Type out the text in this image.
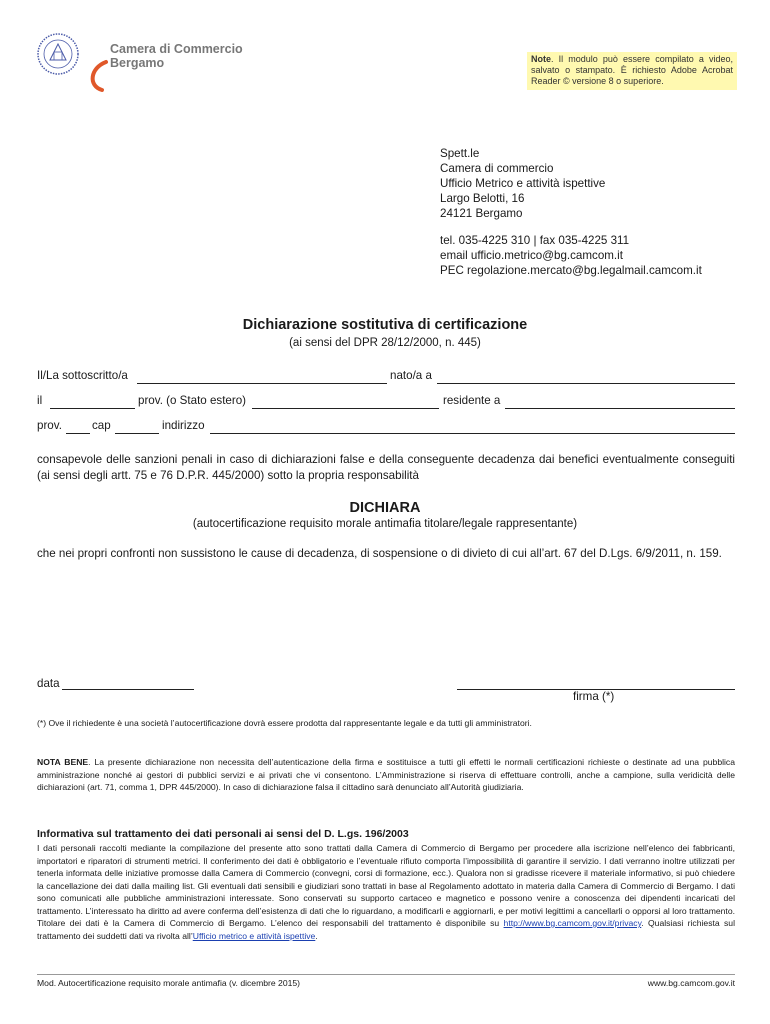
Camera di Commercio
Bergamo	Note. Il modulo può essere compilato a video, salvato o stampato. È richiesto Adobe Acrobat Reader © versione 8 o superiore.
Spett.le
Camera di commercio
Ufficio Metrico e attività ispettive
Largo Belotti, 16
24121 Bergamo
tel. 035-4225 310 | fax 035-4225 311
email ufficio.metrico@bg.camcom.it
PEC regolazione.mercato@bg.legalmail.camcom.it
Dichiarazione sostitutiva di certificazione
(ai sensi del DPR 28/12/2000, n. 445)
Il/La sottoscritto/a	nato/a a
il	prov. (o Stato estero)	residente a
prov.	cap	indirizzo
consapevole delle sanzioni penali in caso di dichiarazioni false e della conseguente decadenza dai benefici eventualmente conseguiti (ai sensi degli artt. 75 e 76 D.P.R. 445/2000) sotto la propria responsabilità
DICHIARA
(autocertificazione requisito morale antimafia titolare/legale rappresentante)
che nei propri confronti non sussistono le cause di decadenza, di sospensione o di divieto di cui all’art. 67 del D.Lgs. 6/9/2011, n. 159.
data
firma (*)
(*) Ove il richiedente è una società l’autocertificazione dovrà essere prodotta dal rappresentante legale e da tutti gli amministratori.
NOTA BENE. La presente dichiarazione non necessita dell’autenticazione della firma e sostituisce a tutti gli effetti le normali certificazioni richieste o destinate ad una pubblica amministrazione nonché ai gestori di pubblici servizi e ai privati che vi consentono. L’Amministrazione si riserva di effettuare controlli, anche a campione, sulla veridicità delle dichiarazioni (art. 71, comma 1, DPR 445/2000). In caso di dichiarazione falsa il cittadino sarà denunciato all’Autorità giudiziaria.
Informativa sul trattamento dei dati personali ai sensi del D. L.gs. 196/2003
I dati personali raccolti mediante la compilazione del presente atto sono trattati dalla Camera di Commercio di Bergamo per procedere alla iscrizione nell’elenco dei fabbricanti, importatori e riparatori di strumenti metrici. Il conferimento dei dati è obbligatorio e l’eventuale rifiuto comporta l’impossibilità di garantire il servizio. I dati verranno inoltre utilizzati per tenerla informata delle iniziative promosse dalla Camera di Commercio (convegni, corsi di formazione, ecc.). Qualora non si gradisse ricevere il materiale informativo, si può chiedere la cancellazione dei dati dalla mailing list. Gli eventuali dati sensibili e giudiziari sono trattati in base al Regolamento adottato in materia dalla Camera di Commercio di Bergamo. I dati sono comunicati alle pubbliche amministrazioni interessate. Sono conservati su supporto cartaceo e magnetico e possono venire a conoscenza dei dipendenti incaricati del trattamento. L’interessato ha diritto ad avere conferma dell’esistenza di dati che lo riguardano, a modificarli e aggiornarli, e per motivi legittimi a cancellarli o opporsi al loro trattamento. Titolare dei dati è la Camera di Commercio di Bergamo. L’elenco dei responsabili del trattamento è disponibile su http://www.bg.camcom.gov.it/privacy. Qualsiasi richiesta sul trattamento dei suddetti dati va rivolta all’Ufficio metrico e attività ispettive.
Mod. Autocertificazione requisito morale antimafia (v. dicembre 2015)	www.bg.camcom.gov.it
